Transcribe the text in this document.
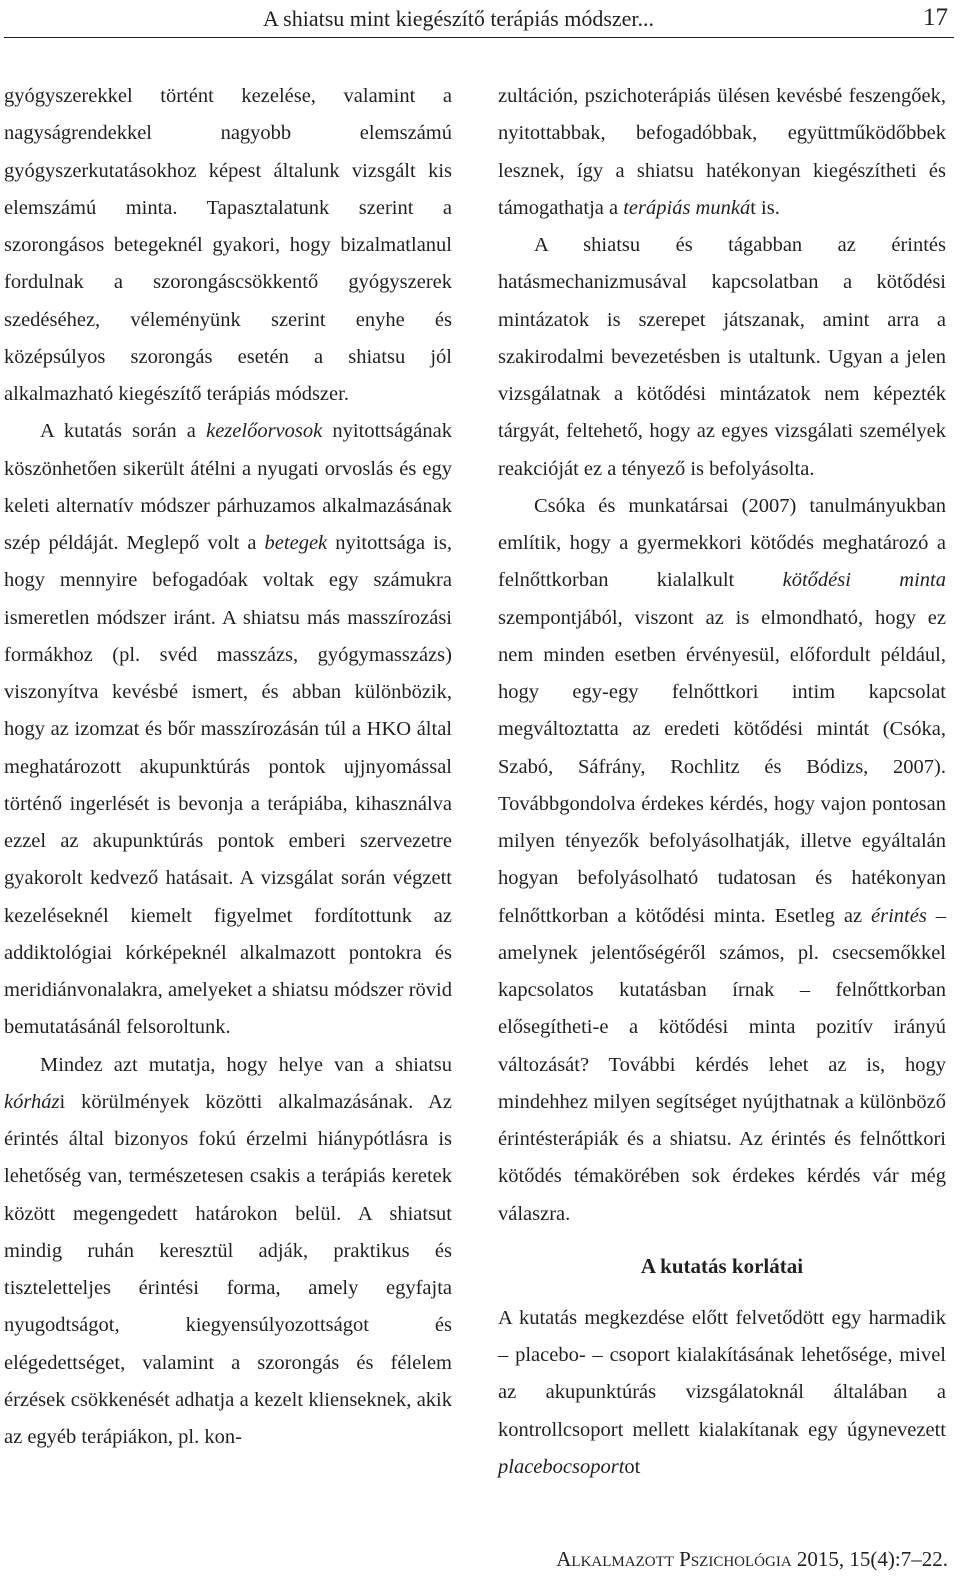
A shiatsu mint kiegészítő terápiás módszer...	17

gyógyszerekkel történt kezelése, valamint a nagyságrendekkel nagyobb elemszámú gyógyszerkutatásokhoz képest általunk vizsgált kis elemszámú minta. Tapasztalatunk szerint a szorongásos betegeknél gyakori, hogy bizalmatlanul fordulnak a szorongáscsökkentő gyógyszerek szedéséhez, véleményünk szerint enyhe és középsúlyos szorongás esetén a shiatsu jól alkalmazható kiegészítő terápiás módszer.

A kutatás során a kezelőorvosok nyitottságának köszönhetően sikerült átélni a nyugati orvoslás és egy keleti alternatív módszer párhuzamos alkalmazásának szép példáját. Meglepő volt a betegek nyitottsága is, hogy mennyire befogadóak voltak egy számukra ismeretlen módszer iránt. A shiatsu más masszírozási formákhoz (pl. svéd masszázs, gyógymasszázs) viszonyítva kevésbé ismert, és abban különbözik, hogy az izomzat és bőr masszírozásán túl a HKO által meghatározott akupunktúrás pontok ujjnyomással történő ingerlését is bevonja a terápiába, kihasználva ezzel az akupunktúrás pontok emberi szervezetre gyakorolt kedvező hatásait. A vizsgálat során végzett kezeléseknél kiemelt figyelmet fordítottunk az addiktológiai kórképeknél alkalmazott pontokra és meridiánvonalakra, amelyeket a shiatsu módszer rövid bemutatásánál felsoroltunk.

Mindez azt mutatja, hogy helye van a shiatsu kórházi körülmények közötti alkalmazásának. Az érintés által bizonyos fokú érzelmi hiánypótlásra is lehetőség van, természetesen csakis a terápiás keretek között megengedett határokon belül. A shiatsut mindig ruhán keresztül adják, praktikus és tiszteletteljes érintési forma, amely egyfajta nyugodtságot, kiegyensúlyozottságot és elégedettséget, valamint a szorongás és félelem érzések csökkenését adhatja a kezelt klienseknek, akik az egyéb terápiákon, pl. kon-

zultáción, pszichoterápiás ülésen kevésbé feszengőek, nyitottabbak, befogadóbbak, együttműködőbbek lesznek, így a shiatsu hatékonyan kiegészítheti és támogathatja a terápiás munkát is.

A shiatsu és tágabban az érintés hatásmechanizmusával kapcsolatban a kötődési mintázatok is szerepet játszanak, amint arra a szakirodalmi bevezetésben is utaltunk. Ugyan a jelen vizsgálatnak a kötődési mintázatok nem képezték tárgyát, feltehető, hogy az egyes vizsgálati személyek reakcióját ez a tényező is befolyásolta.

Csóka és munkatársai (2007) tanulmányukban említik, hogy a gyermekkori kötődés meghatározó a felnőttkorban kialalkult kötődési minta szempontjából, viszont az is elmondható, hogy ez nem minden esetben érvényesül, előfordult például, hogy egy-egy felnőttkori intim kapcsolat megváltoztatta az eredeti kötődési mintát (Csóka, Szabó, Sáfrány, Rochlitz és Bódizs, 2007). Továbbgondolva érdekes kérdés, hogy vajon pontosan milyen tényezők befolyásolhatják, illetve egyáltalán hogyan befolyásolható tudatosan és hatékonyan felnőttkorban a kötődési minta. Esetleg az érintés – amelynek jelentőségéről számos, pl. csecsemőkkel kapcsolatos kutatásban írnak – felnőttkorban elősegítheti-e a kötődési minta pozitív irányú változását? További kérdés lehet az is, hogy mindehhez milyen segítséget nyújthatnak a különböző érintésterápiák és a shiatsu. Az érintés és felnőttkori kötődés témakörében sok érdekes kérdés vár még válaszra.

A kutatás korlátai

A kutatás megkezdése előtt felvetődött egy harmadik – placebo- – csoport kialakításának lehetősége, mivel az akupunktúrás vizsgálatoknál általában a kontrollcsoport mellett kialakítanak egy úgynevezett placebocsoportot

Alkalmazott Pszichológia 2015, 15(4):7–22.
